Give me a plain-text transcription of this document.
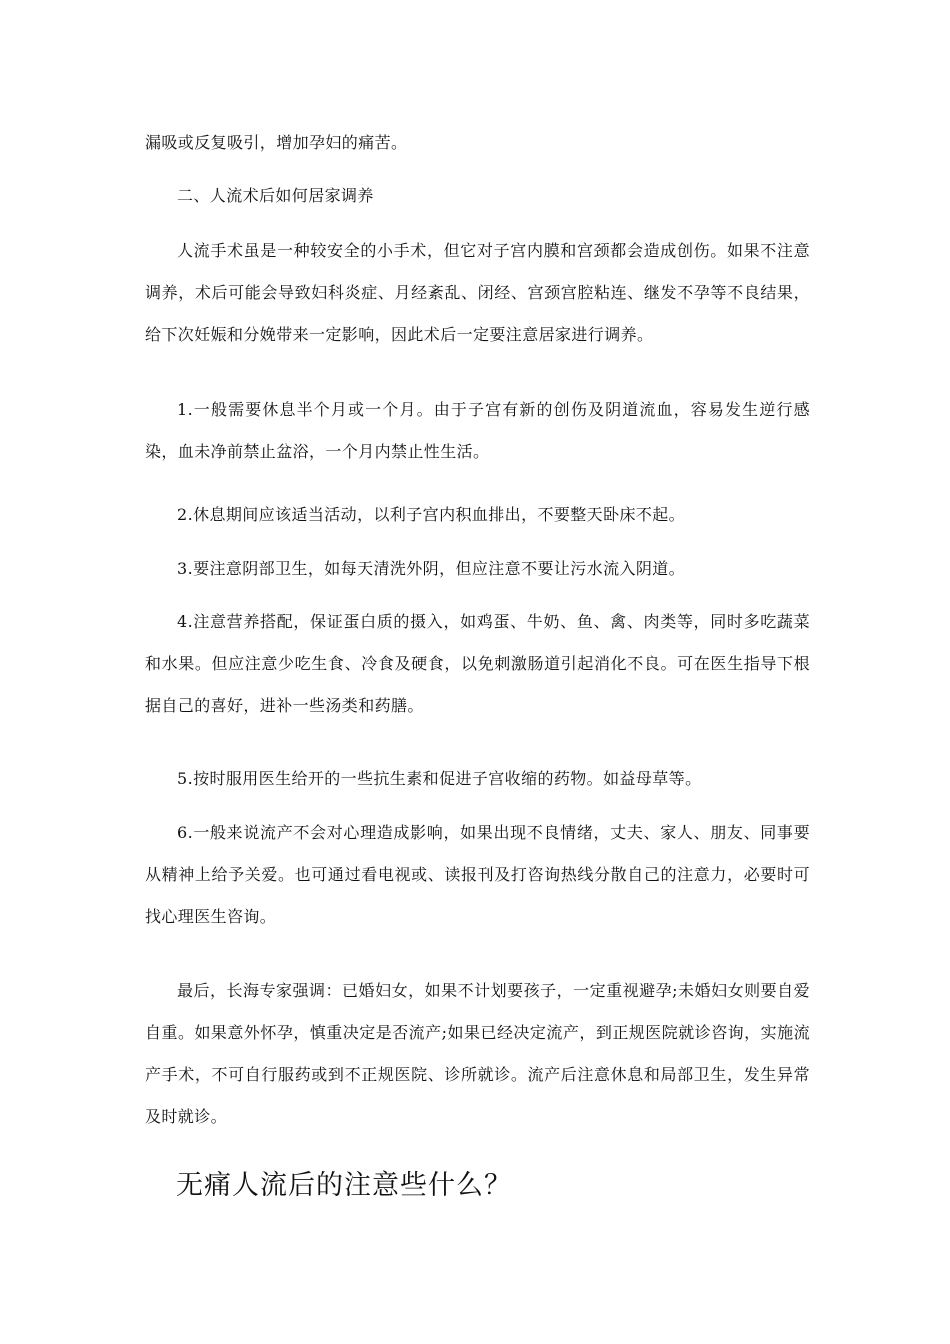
漏吸或反复吸引，增加孕妇的痛苦。

二、人流术后如何居家调养

人流手术虽是一种较安全的小手术，但它对子宫内膜和宫颈都会造成创伤。如果不注意调养，术后可能会导致妇科炎症、月经紊乱、闭经、宫颈宫腔粘连、继发不孕等不良结果，给下次妊娠和分娩带来一定影响，因此术后一定要注意居家进行调养。

1.一般需要休息半个月或一个月。由于子宫有新的创伤及阴道流血，容易发生逆行感染，血未净前禁止盆浴，一个月内禁止性生活。

2.休息期间应该适当活动，以利子宫内积血排出，不要整天卧床不起。

3.要注意阴部卫生，如每天清洗外阴，但应注意不要让污水流入阴道。

4.注意营养搭配，保证蛋白质的摄入，如鸡蛋、牛奶、鱼、禽、肉类等，同时多吃蔬菜和水果。但应注意少吃生食、冷食及硬食，以免刺激肠道引起消化不良。可在医生指导下根据自己的喜好，进补一些汤类和药膳。

5.按时服用医生给开的一些抗生素和促进子宫收缩的药物。如益母草等。

6.一般来说流产不会对心理造成影响，如果出现不良情绪，丈夫、家人、朋友、同事要从精神上给予关爱。也可通过看电视或、读报刊及打咨询热线分散自己的注意力，必要时可找心理医生咨询。

最后，长海专家强调：已婚妇女，如果不计划要孩子，一定重视避孕;未婚妇女则要自爱自重。如果意外怀孕，慎重决定是否流产;如果已经决定流产，到正规医院就诊咨询，实施流产手术，不可自行服药或到不正规医院、诊所就诊。流产后注意休息和局部卫生，发生异常及时就诊。

无痛人流后的注意些什么？
